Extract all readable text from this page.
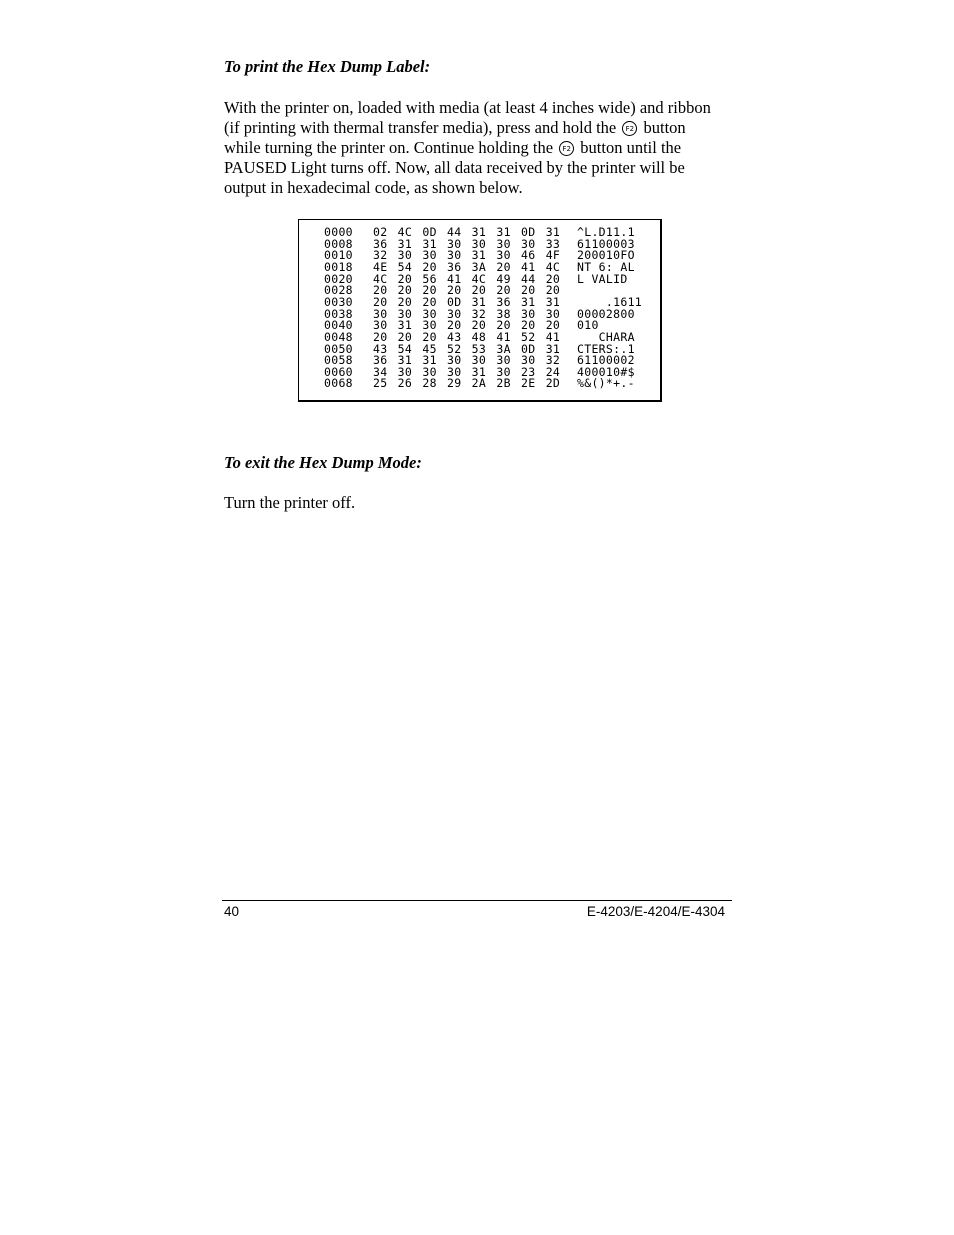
To print the Hex Dump Label:
With the printer on, loaded with media (at least 4 inches wide) and ribbon
(if printing with thermal transfer media), press and hold the F2 button
while turning the printer on. Continue holding the F2 button until the
PAUSED Light turns off. Now, all data received by the printer will be
output in hexadecimal code, as shown below.
0000 02 4C 0D 44 31 31 0D 31 ^L.D11.1
0008 36 31 31 30 30 30 30 33 61100003
0010 32 30 30 30 31 30 46 4F 200010FO
0018 4E 54 20 36 3A 20 41 4C NT 6: AL
0020 4C 20 56 41 4C 49 44 20 L VALID
0028 20 20 20 20 20 20 20 20
0030 20 20 20 0D 31 36 31 31 .1611
0038 30 30 30 30 32 38 30 30 00002800
0040 30 31 30 20 20 20 20 20 010
0048 20 20 20 43 48 41 52 41 CHARA
0050 43 54 45 52 53 3A 0D 31 CTERS:.1
0058 36 31 31 30 30 30 30 32 61100002
0060 34 30 30 30 31 30 23 24 400010#$
0068 25 26 28 29 2A 2B 2E 2D %&()*+.-
To exit the Hex Dump Mode:
Turn the printer off.
40	E-4203/E-4204/E-4304
